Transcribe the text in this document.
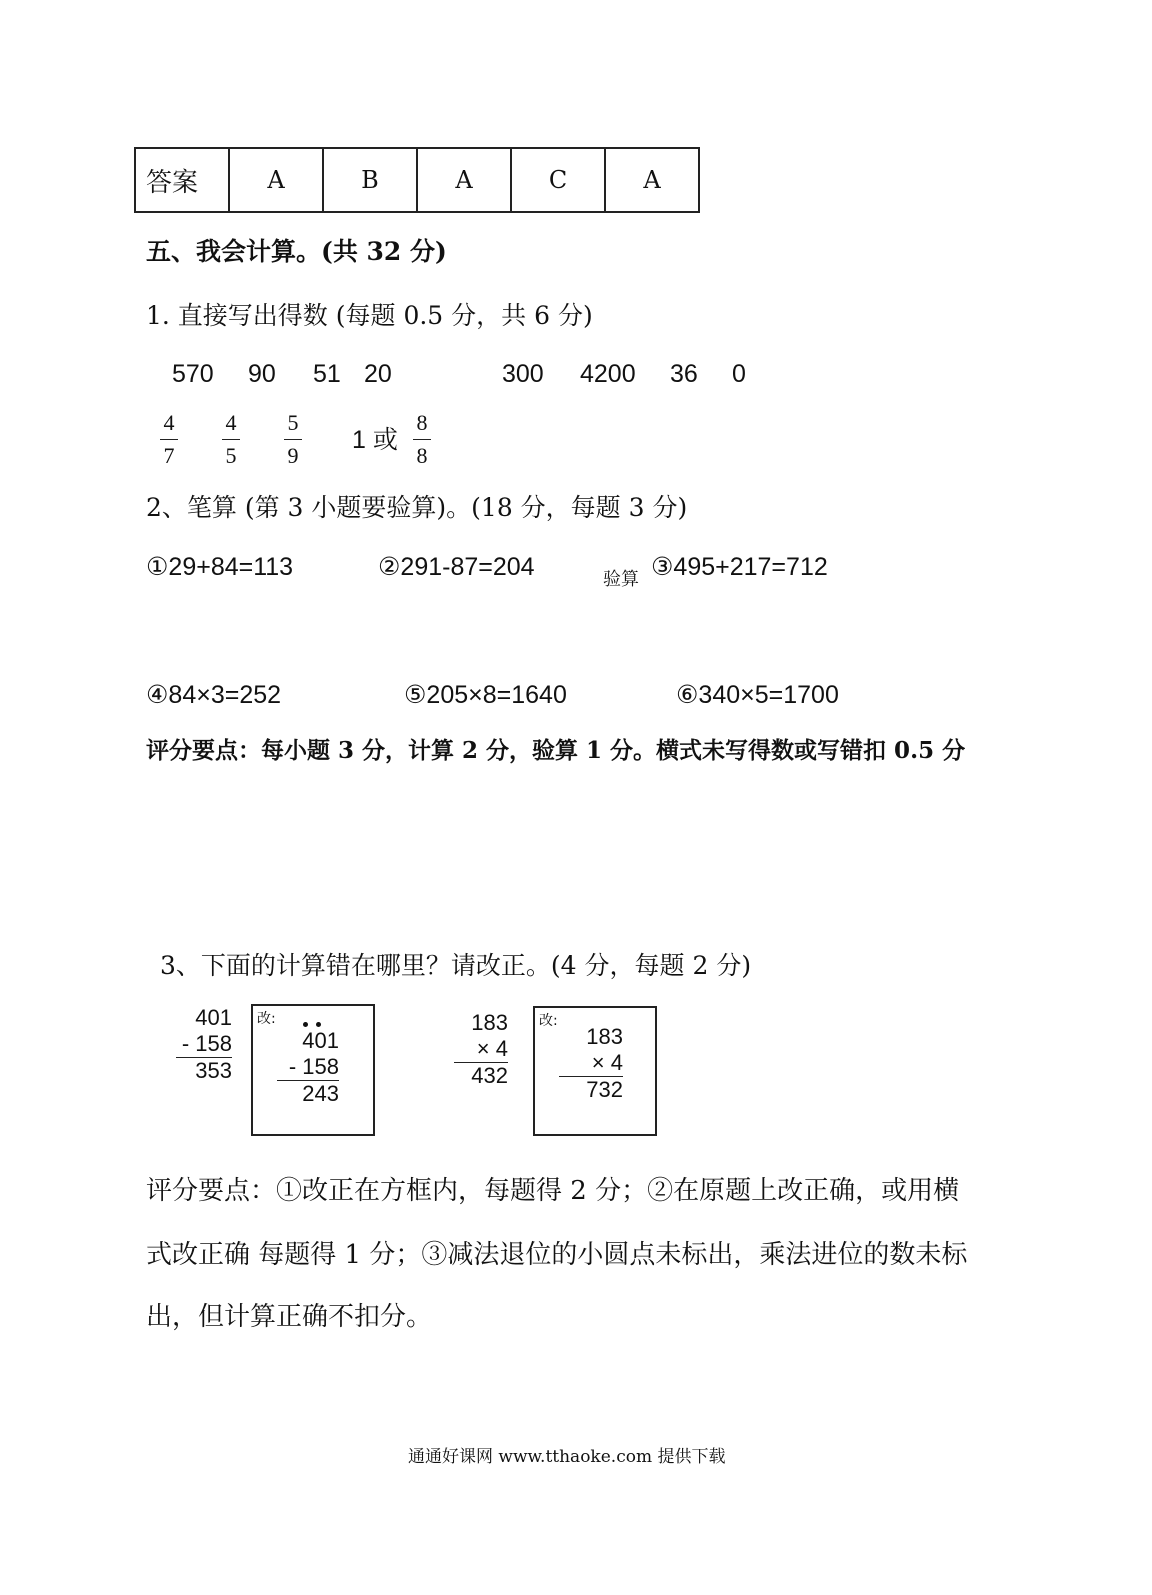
答案	A	B	A	C	A
五、我会计算。(共 32 分)
1. 直接写出得数 (每题 0.5 分，共 6 分)
570 90 51 20	300 4200 36 0
4
7
4
5
5
9
1 或
8
8
2、笔算 (第 3 小题要验算)。(18 分，每题 3 分)
①29+84=113	②291-87=204	验算 ③495+217=712
④84×3=252	⑤205×8=1640	⑥340×5=1700
评分要点：每小题 3 分，计算 2 分，验算 1 分。横式未写得数或写错扣 0.5 分
3、下面的计算错在哪里？请改正。(4 分，每题 2 分)
401
- 158
353
改:
401
- 158
243
183
× 4
432
改:
183
× 4
732
评分要点：①改正在方框内，每题得 2 分；②在原题上改正确，或用横
式改正确 每题得 1 分；③减法退位的小圆点未标出，乘法进位的数未标
出，但计算正确不扣分。
通通好课网 www.tthaoke.com 提供下载
